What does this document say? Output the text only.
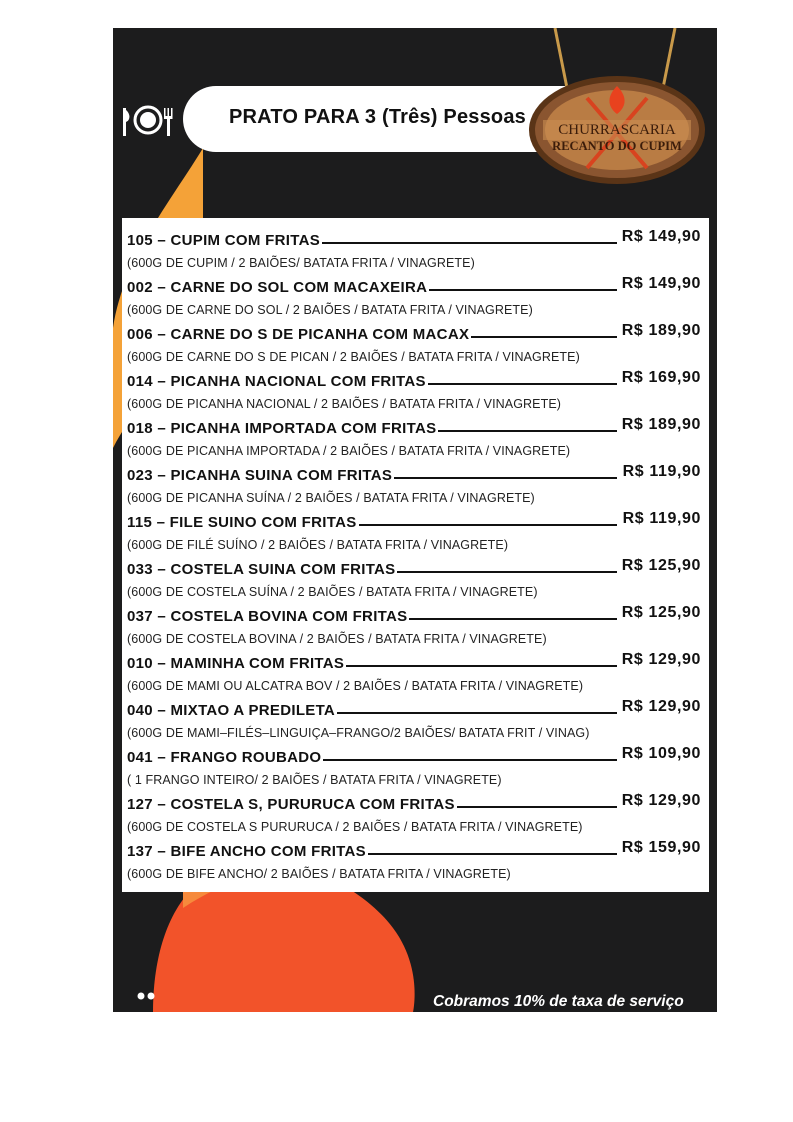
PRATO PARA 3 (Três) Pessoas
CHURRASCARIA
RECANTO DO CUPIM
105 – CUPIM COM FRITAS	R$ 149,90
(600G DE CUPIM / 2 BAIÕES/ BATATA FRITA / VINAGRETE)
002 – CARNE DO SOL COM MACAXEIRA	R$ 149,90
(600G DE CARNE DO SOL / 2 BAIÕES / BATATA FRITA / VINAGRETE)
006 – CARNE DO S DE PICANHA COM MACAX	R$ 189,90
(600G DE CARNE DO S DE PICAN / 2 BAIÕES / BATATA FRITA / VINAGRETE)
014 – PICANHA NACIONAL COM FRITAS	R$ 169,90
(600G DE PICANHA NACIONAL / 2 BAIÕES / BATATA FRITA / VINAGRETE)
018 – PICANHA IMPORTADA COM FRITAS	R$ 189,90
(600G DE PICANHA IMPORTADA / 2 BAIÕES / BATATA FRITA / VINAGRETE)
023 – PICANHA SUINA COM FRITAS	R$ 119,90
(600G DE PICANHA SUÍNA / 2 BAIÕES / BATATA FRITA / VINAGRETE)
115 – FILE SUINO COM FRITAS	R$ 119,90
(600G DE FILÉ SUÍNO / 2 BAIÕES / BATATA FRITA / VINAGRETE)
033 – COSTELA SUINA COM FRITAS	R$ 125,90
(600G DE COSTELA SUÍNA / 2 BAIÕES / BATATA FRITA / VINAGRETE)
037 – COSTELA BOVINA COM FRITAS	R$ 125,90
(600G DE COSTELA BOVINA / 2 BAIÕES / BATATA FRITA / VINAGRETE)
010 – MAMINHA COM FRITAS	R$ 129,90
(600G DE MAMI OU ALCATRA BOV / 2 BAIÕES / BATATA FRITA / VINAGRETE)
040 – MIXTAO A PREDILETA	R$ 129,90
(600G DE MAMI–FILÉS–LINGUIÇA–FRANGO/2 BAIÕES/ BATATA FRIT / VINAG)
041 – FRANGO ROUBADO	R$ 109,90
( 1 FRANGO INTEIRO/ 2 BAIÕES / BATATA FRITA / VINAGRETE)
127 – COSTELA S, PURURUCA COM FRITAS	R$ 129,90
(600G DE COSTELA S PURURUCA / 2 BAIÕES / BATATA FRITA / VINAGRETE)
137 – BIFE ANCHO COM FRITAS	R$ 159,90
(600G DE BIFE ANCHO/ 2 BAIÕES / BATATA FRITA / VINAGRETE)
Cobramos 10% de taxa de serviço
